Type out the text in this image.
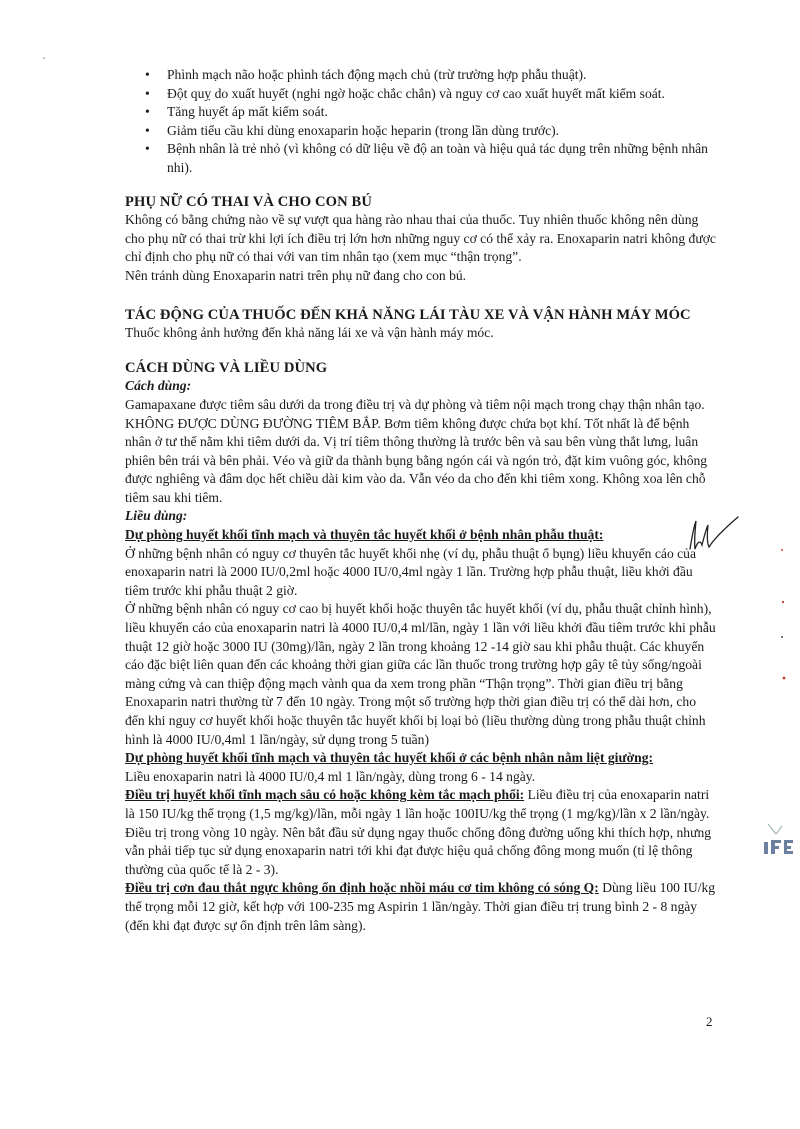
• Phình mạch não hoặc phình tách động mạch chủ (trừ trường hợp phẫu thuật).
• Đột quỵ do xuất huyết (nghi ngờ hoặc chắc chắn) và nguy cơ cao xuất huyết mất kiểm soát.
• Tăng huyết áp mất kiểm soát.
• Giảm tiểu cầu khi dùng enoxaparin hoặc heparin (trong lần dùng trước).
• Bệnh nhân là trẻ nhỏ (vì không có dữ liệu về độ an toàn và hiệu quả tác dụng trên những bệnh nhân nhi).
PHỤ NỮ CÓ THAI VÀ CHO CON BÚ

Không có bằng chứng nào về sự vượt qua hàng rào nhau thai của thuốc. Tuy nhiên thuốc không nên dùng cho phụ nữ có thai trừ khi lợi ích điều trị lớn hơn những nguy cơ có thể xảy ra. Enoxaparin natri không được chỉ định cho phụ nữ có thai với van tim nhân tạo (xem mục “thận trọng”.

Nên tránh dùng Enoxaparin natri trên phụ nữ đang cho con bú.

TÁC ĐỘNG CỦA THUỐC ĐẾN KHẢ NĂNG LÁI TÀU XE VÀ VẬN HÀNH MÁY MÓC

Thuốc không ảnh hưởng đến khả năng lái xe và vận hành máy móc.

CÁCH DÙNG VÀ LIỀU DÙNG

Cách dùng:

Gamapaxane được tiêm sâu dưới da trong điều trị và dự phòng và tiêm nội mạch trong chạy thận nhân tạo. KHÔNG ĐƯỢC DÙNG ĐƯỜNG TIÊM BẮP. Bơm tiêm không được chứa bọt khí. Tốt nhất là để bệnh nhân ở tư thế nằm khi tiêm dưới da. Vị trí tiêm thông thường là trước bên và sau bên vùng thắt lưng, luân phiên bên trái và bên phải. Véo và giữ da thành bụng bằng ngón cái và ngón trỏ, đặt kim vuông góc, không được nghiêng và đâm dọc hết chiều dài kim vào da. Vẫn véo da cho đến khi tiêm xong. Không xoa lên chỗ tiêm sau khi tiêm.

Liều dùng:

Dự phòng huyết khối tĩnh mạch và thuyên tắc huyết khối ở bệnh nhân phẫu thuật:

Ở những bệnh nhân có nguy cơ thuyên tắc huyết khối nhẹ (ví dụ, phẫu thuật ổ bụng) liều khuyến cáo của enoxaparin natri là 2000 IU/0,2ml hoặc 4000 IU/0,4ml ngày 1 lần. Trường hợp phẫu thuật, liều khởi đầu tiêm trước khi phẫu thuật 2 giờ.

Ở những bệnh nhân có nguy cơ cao bị huyết khối hoặc thuyên tắc huyết khối (ví dụ, phẫu thuật chỉnh hình), liều khuyến cáo của enoxaparin natri là 4000 IU/0,4 ml/lần, ngày 1 lần với liều khởi đầu tiêm trước khi phẫu thuật 12 giờ hoặc 3000 IU (30mg)/lần, ngày 2 lần trong khoảng 12 -14 giờ sau khi phẫu thuật. Các khuyến cáo đặc biệt liên quan đến các khoảng thời gian giữa các lần thuốc trong trường hợp gây tê tủy sống/ngoài màng cứng và can thiệp động mạch vành qua da xem trong phần “Thận trọng”. Thời gian điều trị bằng Enoxaparin natri thường từ 7 đến 10 ngày. Trong một số trường hợp thời gian điều trị có thể dài hơn, cho đến khi nguy cơ huyết khối hoặc thuyên tắc huyết khối bị loại bỏ (liều thường dùng trong phẫu thuật chỉnh hình là 4000 IU/0,4ml 1 lần/ngày, sử dụng trong 5 tuần)

Dự phòng huyết khối tĩnh mạch và thuyên tắc huyết khối ở các bệnh nhân nằm liệt giường:

Liều enoxaparin natri là 4000 IU/0,4 ml 1 lần/ngày, dùng trong 6 - 14 ngày.

Điều trị huyết khối tĩnh mạch sâu có hoặc không kèm tắc mạch phổi: Liều điều trị của enoxaparin natri là 150 IU/kg thể trọng (1,5 mg/kg)/lần, mỗi ngày 1 lần hoặc 100IU/kg thể trọng (1 mg/kg)/lần x 2 lần/ngày. Điều trị trong vòng 10 ngày. Nên bắt đầu sử dụng ngay thuốc chống đông đường uống khi thích hợp, nhưng vẫn phải tiếp tục sử dụng enoxaparin natri tới khi đạt được hiệu quả chống đông mong muốn (tỉ lệ thông thường của quốc tế là 2 - 3).

Điều trị cơn đau thắt ngực không ổn định hoặc nhồi máu cơ tim không có sóng Q: Dùng liều 100 IU/kg thể trọng mỗi 12 giờ, kết hợp với 100-235 mg Aspirin 1 lần/ngày. Thời gian điều trị trung bình 2 - 8 ngày (đến khi đạt được sự ổn định trên lâm sàng).

2
